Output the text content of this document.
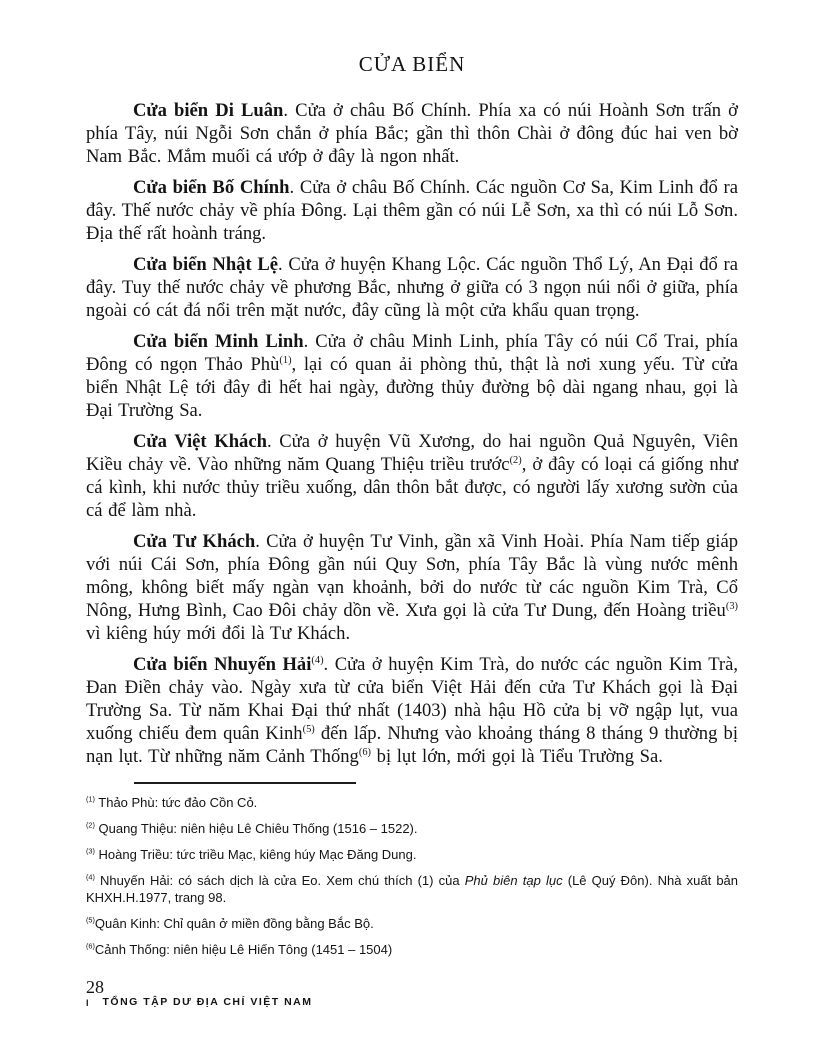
CỬA BIỂN

Cửa biển Di Luân. Cửa ở châu Bố Chính. Phía xa có núi Hoành Sơn trấn ở phía Tây, núi Ngỗi Sơn chắn ở phía Bắc; gần thì thôn Chài ở đông đúc hai ven bờ Nam Bắc. Mắm muối cá ướp ở đây là ngon nhất.

Cửa biển Bố Chính. Cửa ở châu Bố Chính. Các nguồn Cơ Sa, Kim Linh đổ ra đây. Thế nước chảy về phía Đông. Lại thêm gần có núi Lễ Sơn, xa thì có núi Lỗ Sơn. Địa thế rất hoành tráng.

Cửa biển Nhật Lệ. Cửa ở huyện Khang Lộc. Các nguồn Thổ Lý, An Đại đổ ra đây. Tuy thế nước chảy về phương Bắc, nhưng ở giữa có 3 ngọn núi nổi ở giữa, phía ngoài có cát đá nổi trên mặt nước, đây cũng là một cửa khẩu quan trọng.

Cửa biển Minh Linh. Cửa ở châu Minh Linh, phía Tây có núi Cổ Trai, phía Đông có ngọn Thảo Phù$^{(1)}$, lại có quan ải phòng thủ, thật là nơi xung yếu. Từ cửa biển Nhật Lệ tới đây đi hết hai ngày, đường thủy đường bộ dài ngang nhau, gọi là Đại Trường Sa.

Cửa Việt Khách. Cửa ở huyện Vũ Xương, do hai nguồn Quả Nguyên, Viên Kiều chảy về. Vào những năm Quang Thiệu triều trước$^{(2)}$, ở đây có loại cá giống như cá kình, khi nước thủy triều xuống, dân thôn bắt được, có người lấy xương sườn của cá để làm nhà.

Cửa Tư Khách. Cửa ở huyện Tư Vinh, gần xã Vinh Hoài. Phía Nam tiếp giáp với núi Cái Sơn, phía Đông gần núi Quy Sơn, phía Tây Bắc là vùng nước mênh mông, không biết mấy ngàn vạn khoảnh, bởi do nước từ các nguồn Kim Trà, Cổ Nông, Hưng Bình, Cao Đôi chảy dồn về. Xưa gọi là cửa Tư Dung, đến Hoàng triều$^{(3)}$ vì kiêng húy mới đổi là Tư Khách.

Cửa biển Nhuyến Hải$^{(4)}$. Cửa ở huyện Kim Trà, do nước các nguồn Kim Trà, Đan Điền chảy vào. Ngày xưa từ cửa biển Việt Hải đến cửa Tư Khách gọi là Đại Trường Sa. Từ năm Khai Đại thứ nhất (1403) nhà hậu Hồ cửa bị vỡ ngập lụt, vua xuống chiếu đem quân Kinh$^{(5)}$ đến lấp. Nhưng vào khoảng tháng 8 tháng 9 thường bị nạn lụt. Từ những năm Cảnh Thống$^{(6)}$ bị lụt lớn, mới gọi là Tiểu Trường Sa.

$^{(1)}$ Thảo Phù: tức đảo Cồn Cỏ.

$^{(2)}$ Quang Thiệu: niên hiệu Lê Chiêu Thống (1516 – 1522).

$^{(3)}$ Hoàng Triều: tức triều Mạc, kiêng húy Mạc Đăng Dung.

$^{(4)}$ Nhuyến Hải: có sách dịch là cửa Eo. Xem chú thích (1) của Phủ biên tạp lục (Lê Quý Đôn). Nhà xuất bản KHXH.H.1977, trang 98.

$^{(5)}$Quân Kinh: Chỉ quân ở miền đồng bằng Bắc Bộ.

$^{(6)}$Cảnh Thống: niên hiệu Lê Hiến Tông (1451 – 1504)

28
I TỔNG TẬP DƯ ĐỊA CHÍ VIỆT NAM
